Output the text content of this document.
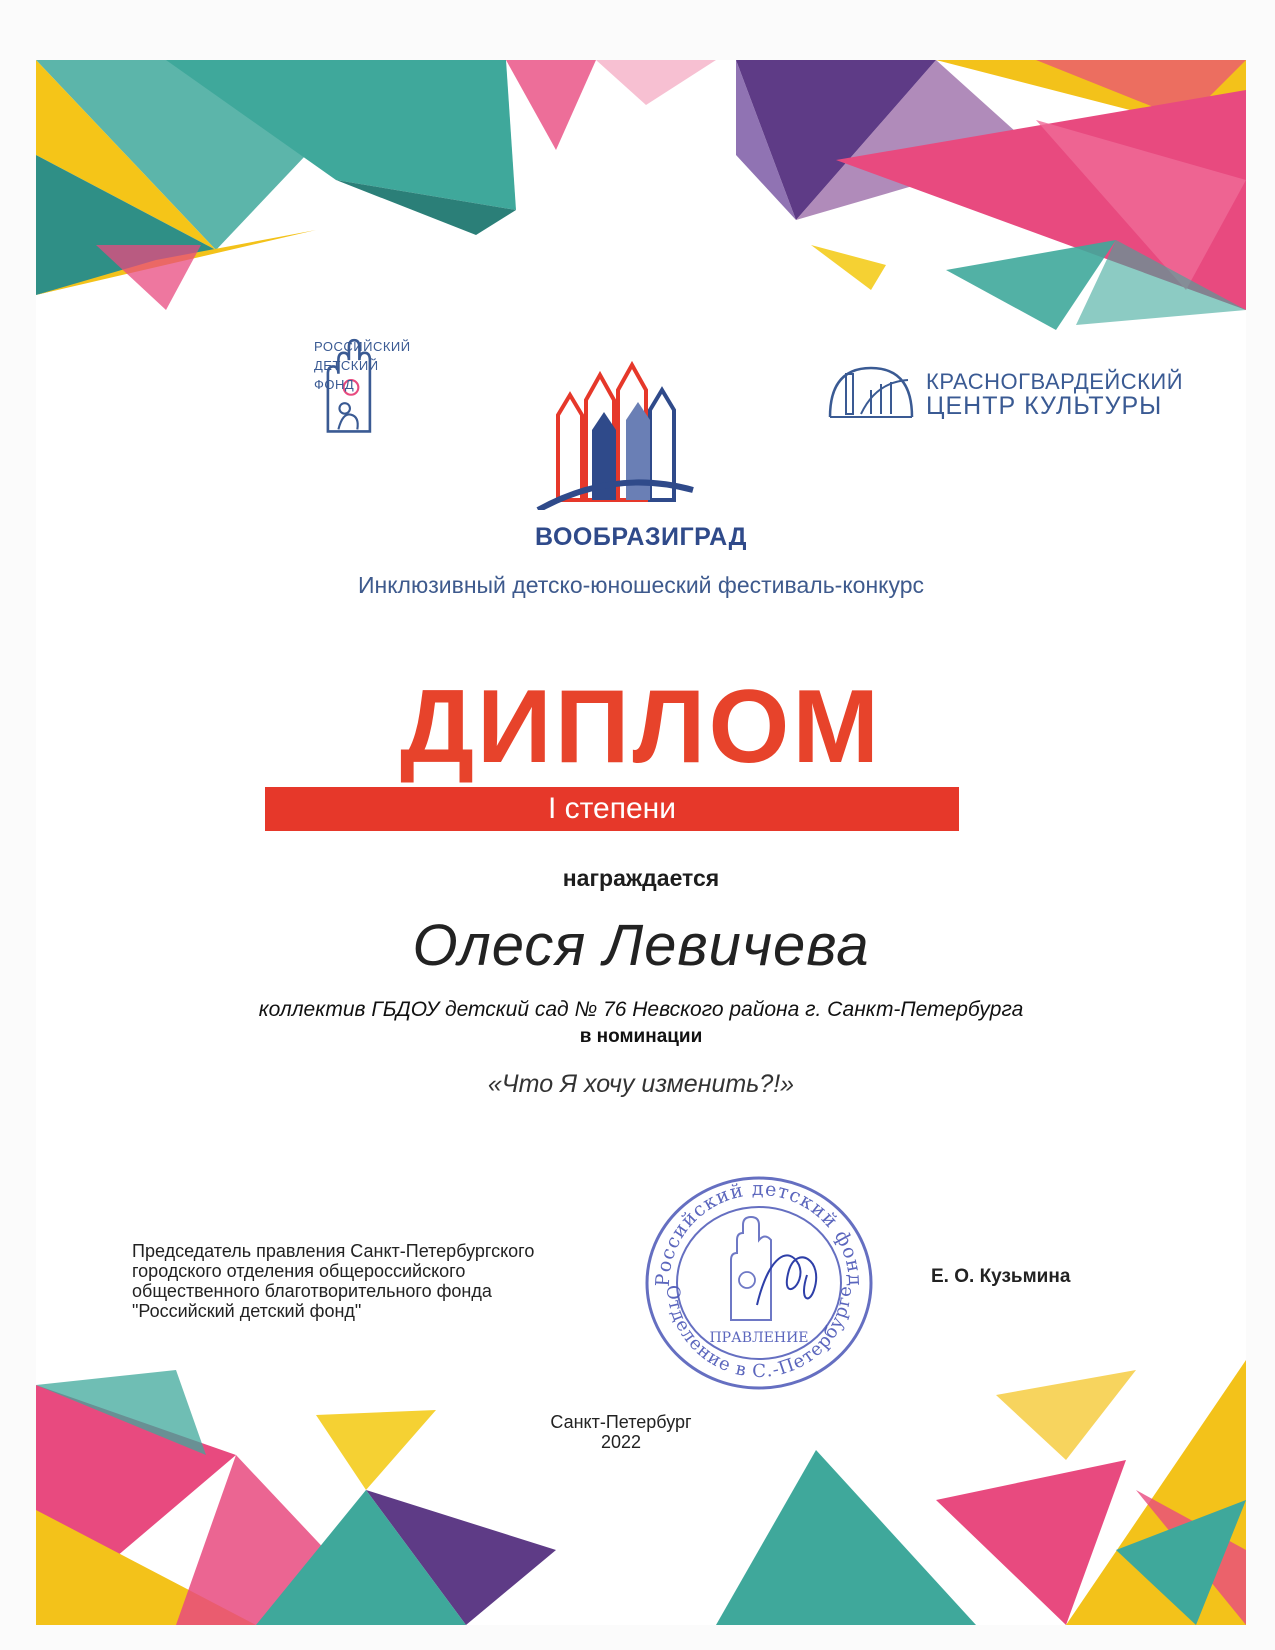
РОССИЙСКИЙ
ДЕТСКИЙ
ФОНД	КРАСНОГВАРДЕЙСКИЙ
ЦЕНТР КУЛЬТУРЫ
ВООБРАЗИГРАД
Инклюзивный детско-юношеский фестиваль-конкурс
ДИПЛОМ
I степени
награждается
Олеся Левичева
коллектив ГБДОУ детский сад № 76 Невского района г. Санкт-Петербурга
в номинации
«Что Я хочу изменить?!»
Председатель правления Санкт-Петербургского
городского отделения общероссийского
общественного благотворительного фонда
"Российский детский фонд"
Российский детский фонд
Отделение в С.-Петербурге
ПРАВЛЕНИЕ
Е. О. Кузьмина
Санкт-Петербург
2022
